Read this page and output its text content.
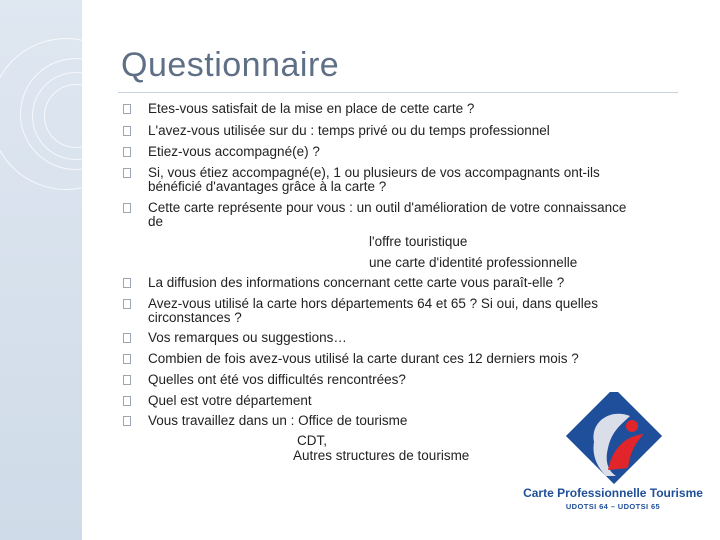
Questionnaire
Etes-vous satisfait de la mise en place de cette carte ?
L'avez-vous utilisée sur du : temps privé ou du temps professionnel
Etiez-vous accompagné(e) ?
Si, vous étiez accompagné(e), 1 ou plusieurs de vos accompagnants ont-ils
bénéficié d'avantages grâce à la carte ?
Cette carte représente pour vous : un outil d'amélioration de votre connaissance
de
l'offre touristique
une carte d'identité professionnelle
La diffusion des informations concernant cette carte vous paraît-elle ?
Avez-vous utilisé la carte hors départements 64 et 65 ? Si oui, dans quelles
circonstances ?
Vos remarques ou suggestions…
Combien de fois avez-vous utilisé la carte durant ces 12 derniers mois ?
Quelles ont été vos difficultés rencontrées?
Quel est votre département
Vous travaillez dans un : Office de tourisme
CDT,
Autres structures de tourisme
Carte Professionnelle Tourisme
UDOTSI 64 – UDOTSI 65
